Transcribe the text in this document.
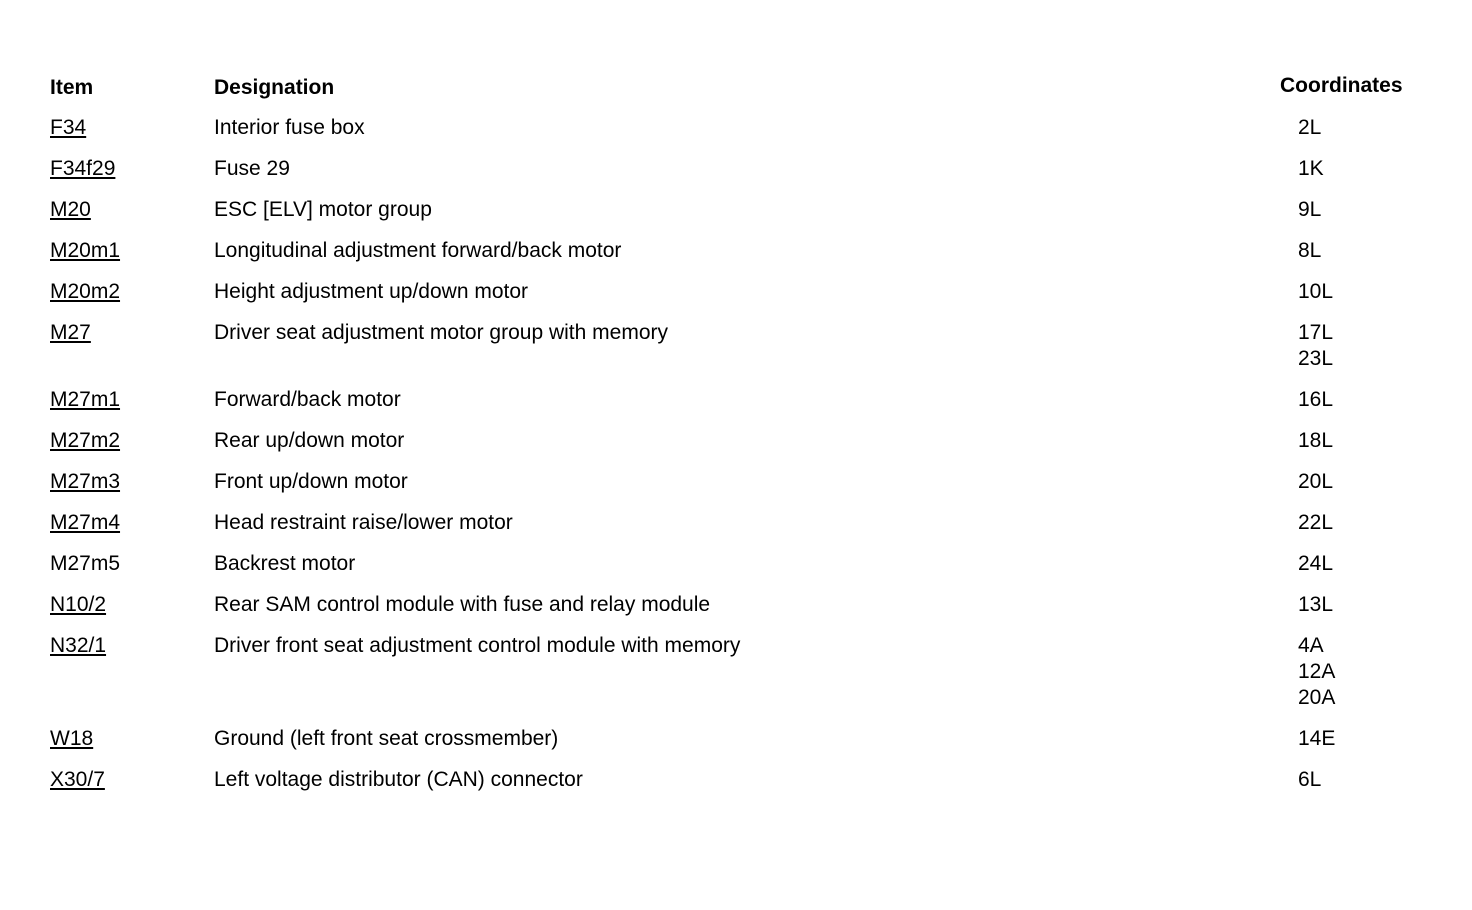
Item	Designation	Coordinates
F34	Interior fuse box	2L
F34f29	Fuse 29	1K
M20	ESC [ELV] motor group	9L
M20m1	Longitudinal adjustment forward/back motor	8L
M20m2	Height adjustment up/down motor	10L
M27	Driver seat adjustment motor group with memory	17L
23L
M27m1	Forward/back motor	16L
M27m2	Rear up/down motor	18L
M27m3	Front up/down motor	20L
M27m4	Head restraint raise/lower motor	22L
M27m5	Backrest motor	24L
N10/2	Rear SAM control module with fuse and relay module	13L
N32/1	Driver front seat adjustment control module with memory	4A
12A
20A
W18	Ground (left front seat crossmember)	14E
X30/7	Left voltage distributor (CAN) connector	6L
